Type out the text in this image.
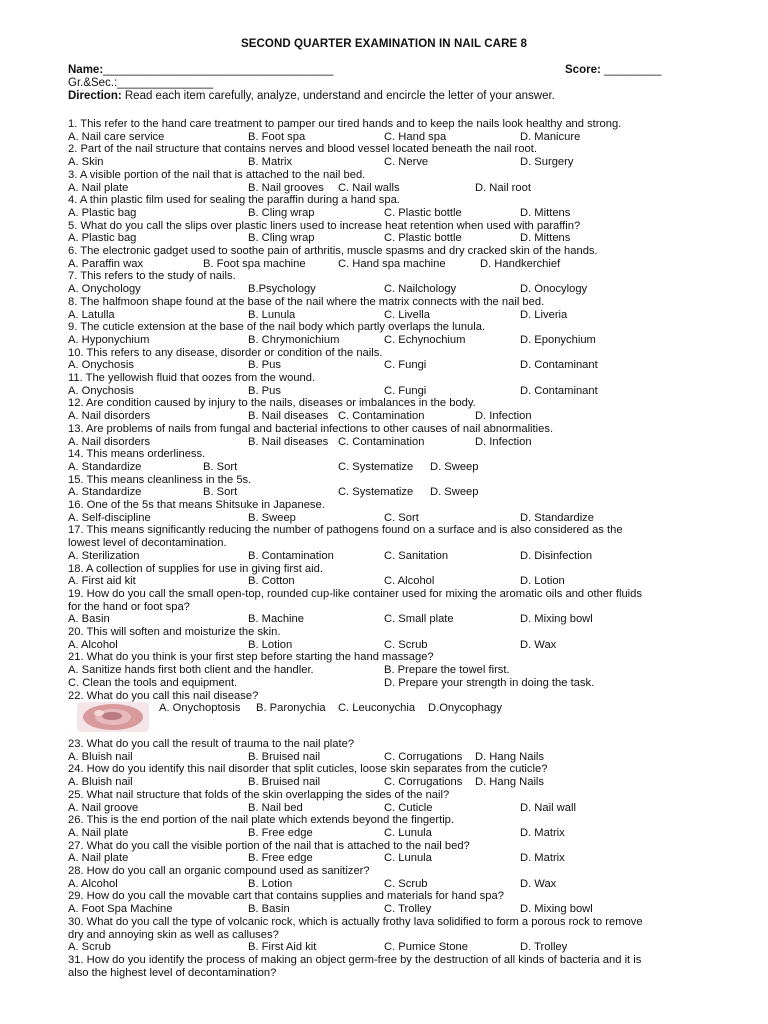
SECOND QUARTER EXAMINATION IN NAIL CARE 8
Name:____________________________________	Score: _________
Gr.&Sec.:_______________
Direction: Read each item carefully, analyze, understand and encircle the letter of your answer.
1. This refer to the hand care treatment to pamper our tired hands and to keep the nails look healthy and strong.
A. Nail care service	B. Foot spa	C. Hand spa	D. Manicure
2. Part of the nail structure that contains nerves and blood vessel located beneath the nail root.
A. Skin	B. Matrix	C. Nerve	D. Surgery
3. A visible portion of the nail that is attached to the nail bed.
A. Nail plate	B. Nail grooves C. Nail walls	D. Nail root
4. A thin plastic film used for sealing the paraffin during a hand spa.
A. Plastic bag	B. Cling wrap	C. Plastic bottle	D. Mittens
5. What do you call the slips over plastic liners used to increase heat retention when used with paraffin?
A. Plastic bag	B. Cling wrap	C. Plastic bottle	D. Mittens
6. The electronic gadget used to soothe pain of arthritis, muscle spasms and dry cracked skin of the hands.
A. Paraffin wax	B. Foot spa machine	C. Hand spa machine	D. Handkerchief
7. This refers to the study of nails.
A. Onychology	B.Psychology	C. Nailchology	D. Onocylogy
8. The halfmoon shape found at the base of the nail where the matrix connects with the nail bed.
A. Latulla	B. Lunula	C. Livella	D. Liveria
9. The cuticle extension at the base of the nail body which partly overlaps the lunula.
A. Hyponychium	B. Chrymonichium	C. Echynochium	D. Eponychium
10. This refers to any disease, disorder or condition of the nails.
A. Onychosis	B. Pus	C. Fungi	D. Contaminant
11. The yellowish fluid that oozes from the wound.
A. Onychosis	B. Pus	C. Fungi	D. Contaminant
12. Are condition caused by injury to the nails, diseases or imbalances in the body.
A. Nail disorders	B. Nail diseases C. Contamination	D. Infection
13. Are problems of nails from fungal and bacterial infections to other causes of nail abnormalities.
A. Nail disorders	B. Nail diseases C. Contamination	D. Infection
14. This means orderliness.
A. Standardize	B. Sort	C. Systematize D. Sweep
15. This means cleanliness in the 5s.
A. Standardize	B. Sort	C. Systematize D. Sweep
16. One of the 5s that means Shitsuke in Japanese.
A. Self-discipline	B. Sweep	C. Sort	D. Standardize
17. This means significantly reducing the number of pathogens found on a surface and is also considered as the
lowest level of decontamination.
A. Sterilization	B. Contamination	C. Sanitation	D. Disinfection
18. A collection of supplies for use in giving first aid.
A. First aid kit	B. Cotton	C. Alcohol	D. Lotion
19. How do you call the small open-top, rounded cup-like container used for mixing the aromatic oils and other fluids
for the hand or foot spa?
A. Basin	B. Machine	C. Small plate	D. Mixing bowl
20. This will soften and moisturize the skin.
A. Alcohol	B. Lotion	C. Scrub	D. Wax
21. What do you think is your first step before starting the hand massage?
A. Sanitize hands first both client and the handler.	B. Prepare the towel first.
C. Clean the tools and equipment.	D. Prepare your strength in doing the task.
22. What do you call this nail disease?
A. Onychoptosis B. Paronychia C. Leuconychia D.Onycophagy
23. What do you call the result of trauma to the nail plate?
A. Bluish nail	B. Bruised nail	C. Corrugations D. Hang Nails
24. How do you identify this nail disorder that split cuticles, loose skin separates from the cuticle?
A. Bluish nail	B. Bruised nail	C. Corrugations D. Hang Nails
25. What nail structure that folds of the skin overlapping the sides of the nail?
A. Nail groove	B. Nail bed	C. Cuticle	D. Nail wall
26. This is the end portion of the nail plate which extends beyond the fingertip.
A. Nail plate	B. Free edge	C. Lunula	D. Matrix
27. What do you call the visible portion of the nail that is attached to the nail bed?
A. Nail plate	B. Free edge	C. Lunula	D. Matrix
28. How do you call an organic compound used as sanitizer?
A. Alcohol	B. Lotion	C. Scrub	D. Wax
29. How do you call the movable cart that contains supplies and materials for hand spa?
A. Foot Spa Machine	B. Basin	C. Trolley	D. Mixing bowl
30. What do you call the type of volcanic rock, which is actually frothy lava solidified to form a porous rock to remove
dry and annoying skin as well as calluses?
A. Scrub	B. First Aid kit	C. Pumice Stone	D. Trolley
31. How do you identify the process of making an object germ-free by the destruction of all kinds of bacteria and it is
also the highest level of decontamination?
